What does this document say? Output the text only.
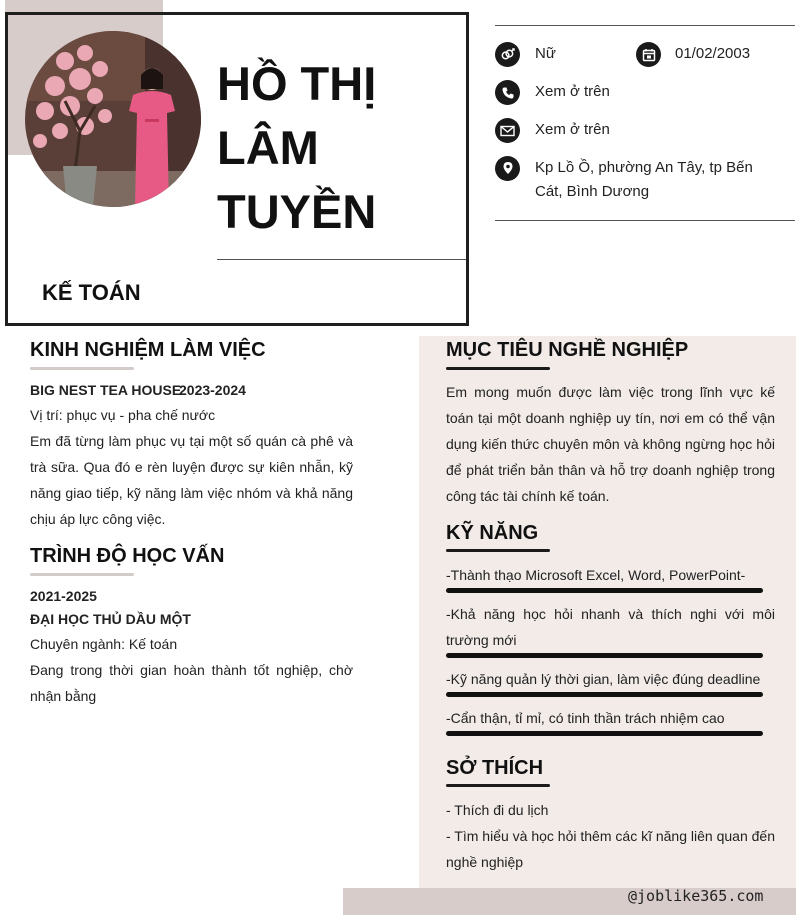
HỒ THỊ
LÂM
TUYỀN
KẾ TOÁN
Nữ	01/02/2003
Xem ở trên
Xem ở trên
Kp Lồ Ồ, phường An Tây, tp Bến Cát, Bình Dương
KINH NGHIỆM LÀM VIỆC
BIG NEST TEA HOUSE
2023-2024
Vị trí: phục vụ - pha chế nước
Em đã từng làm phục vụ tại một số quán cà phê và trà sữa. Qua đó e rèn luyện được sự kiên nhẫn, kỹ năng giao tiếp, kỹ năng làm việc nhóm và khả năng chịu áp lực công việc.
TRÌNH ĐỘ HỌC VẤN
2021-2025
ĐẠI HỌC THỦ DẦU MỘT
Chuyên ngành: Kế toán
Đang trong thời gian hoàn thành tốt nghiệp, chờ nhận bằng
MỤC TIÊU NGHỀ NGHIỆP
Em mong muốn được làm việc trong lĩnh vực kế toán tại một doanh nghiệp uy tín, nơi em có thể vận dụng kiến thức chuyên môn và không ngừng học hỏi để phát triển bản thân và hỗ trợ doanh nghiệp trong công tác tài chính kế toán.
KỸ NĂNG
-Thành thạo Microsoft Excel, Word, PowerPoint-
-Khả năng học hỏi nhanh và thích nghi với môi trường mới
-Kỹ năng quản lý thời gian, làm việc đúng deadline
-Cẩn thận, tỉ mỉ, có tinh thần trách nhiệm cao
SỞ THÍCH
- Thích đi du lịch
- Tìm hiểu và học hỏi thêm các kĩ năng liên quan đến nghề nghiệp
@joblike365.com
